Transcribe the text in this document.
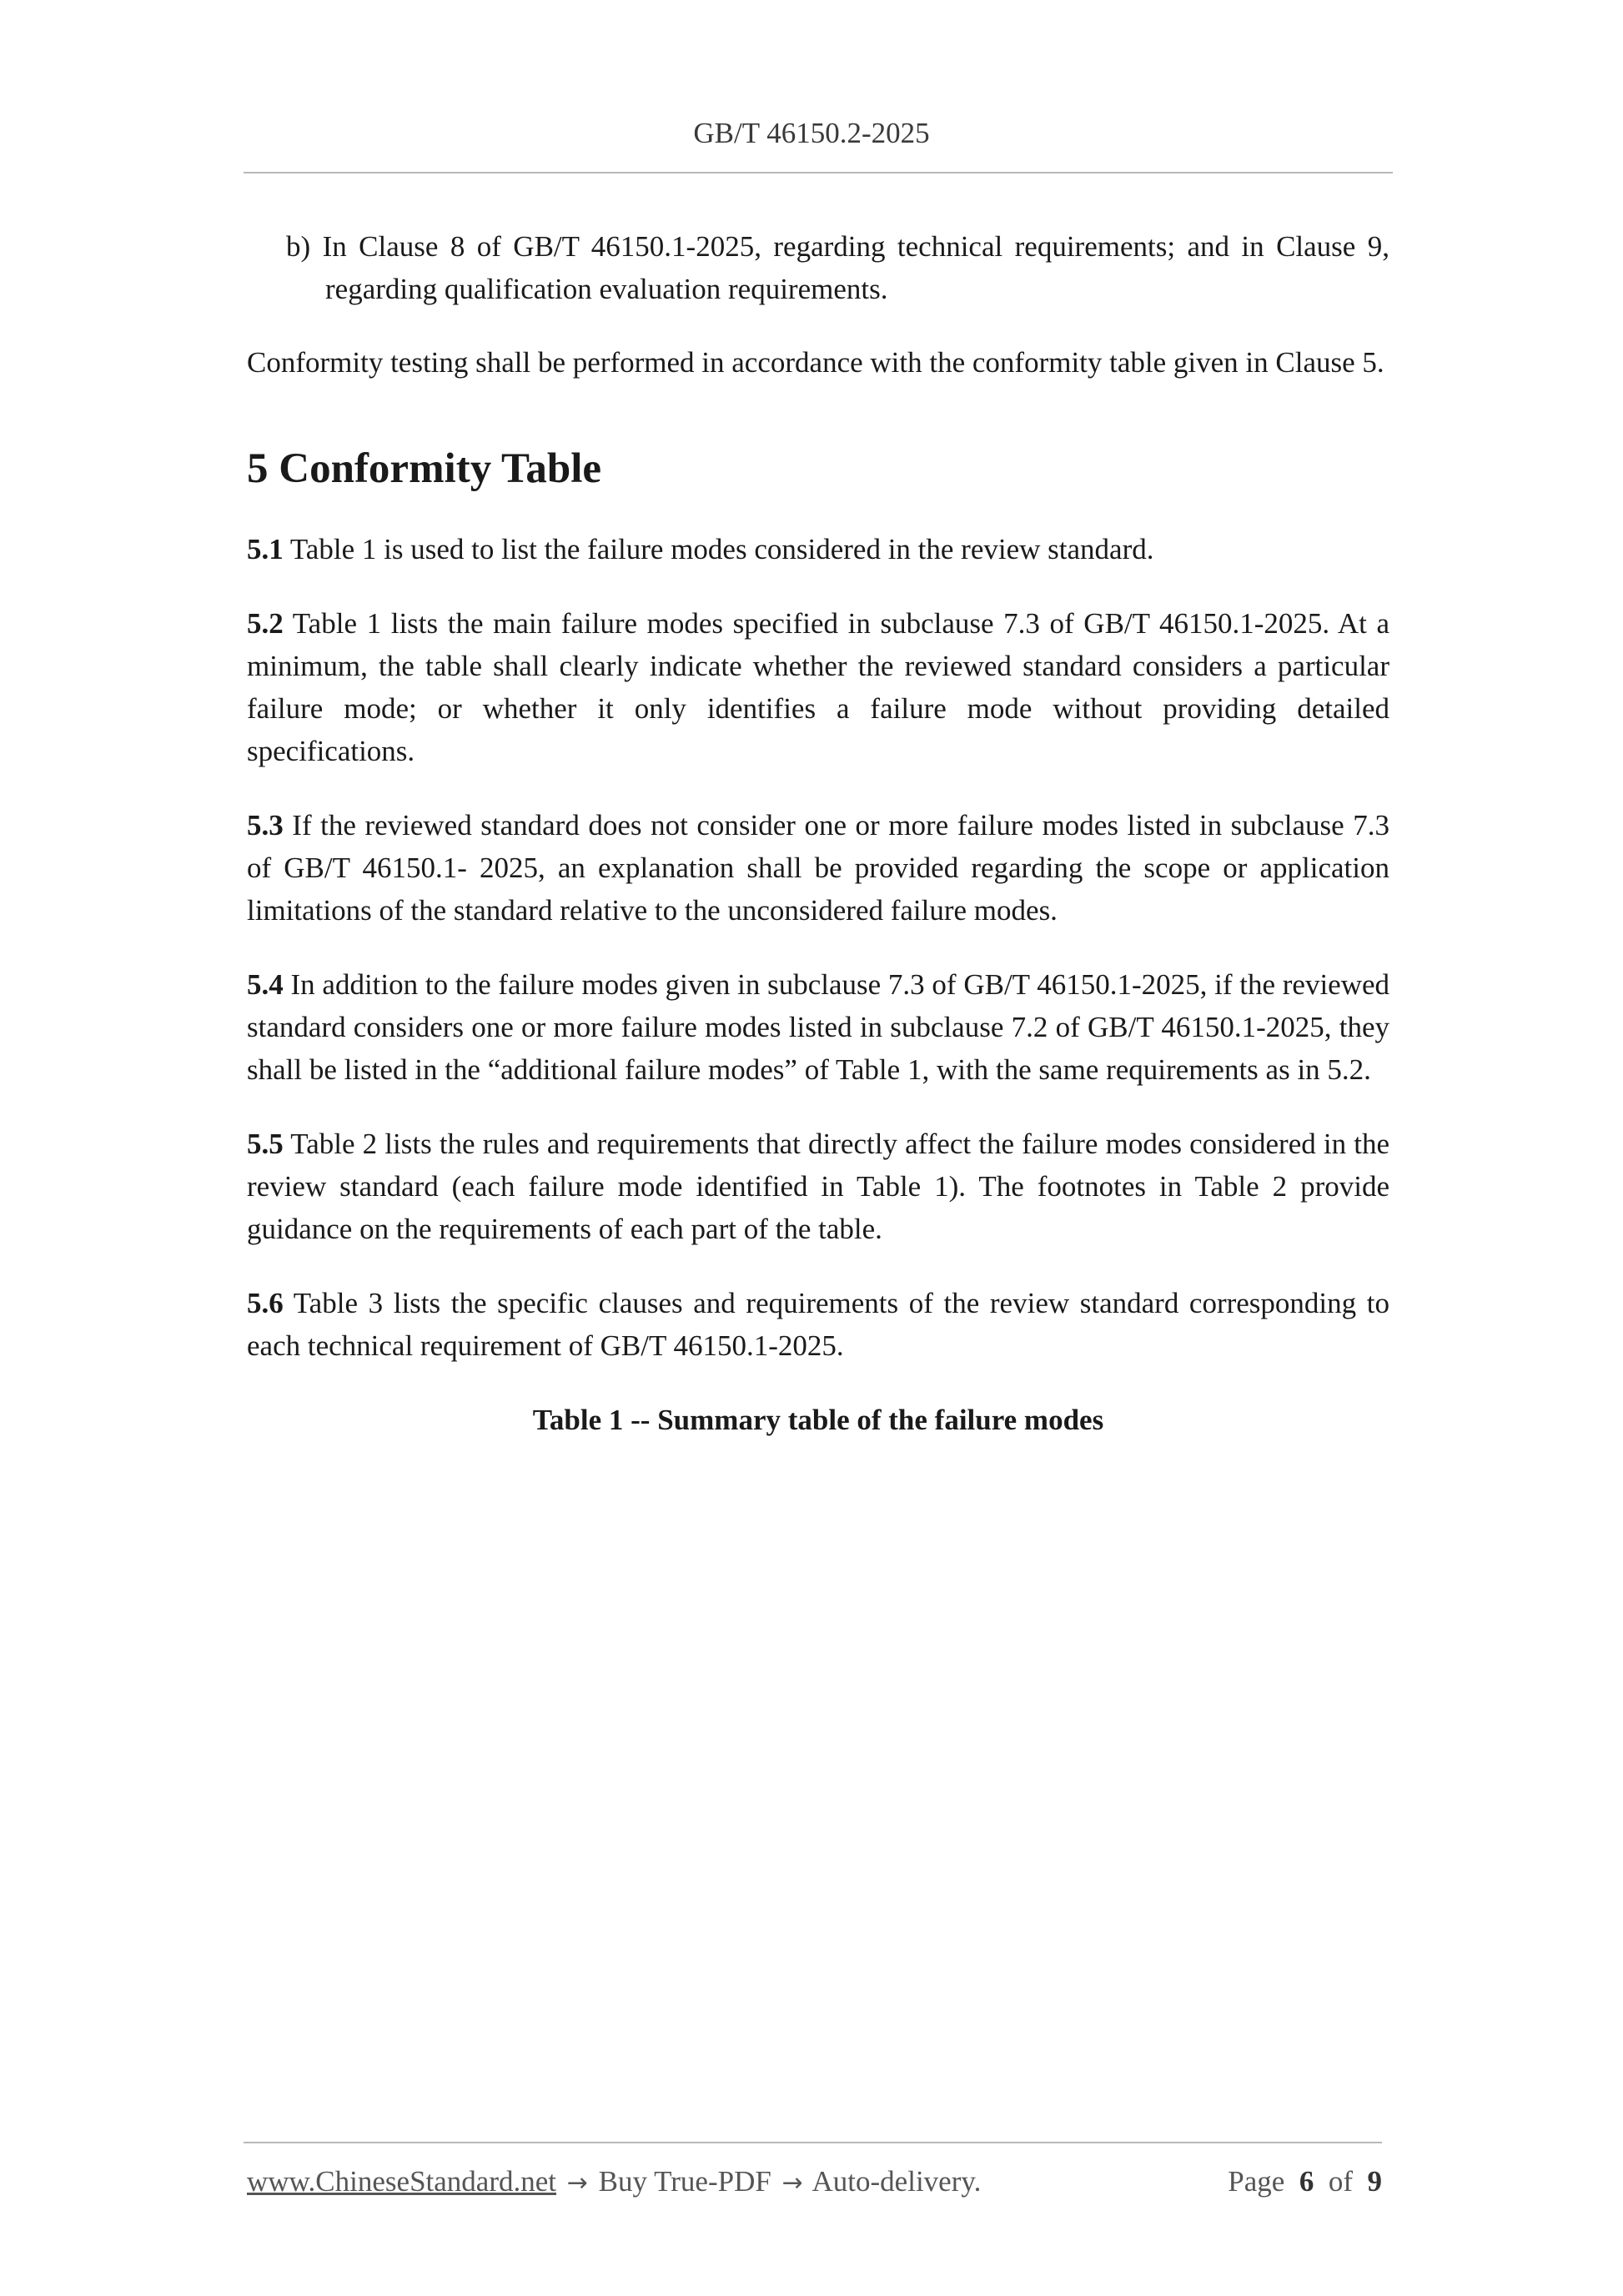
GB/T 46150.2-2025

b) In Clause 8 of GB/T 46150.1-2025, regarding technical requirements; and in Clause 9, regarding qualification evaluation requirements.

Conformity testing shall be performed in accordance with the conformity table given in Clause 5.

5 Conformity Table

5.1 Table 1 is used to list the failure modes considered in the review standard.

5.2 Table 1 lists the main failure modes specified in subclause 7.3 of GB/T 46150.1-2025. At a minimum, the table shall clearly indicate whether the reviewed standard considers a particular failure mode; or whether it only identifies a failure mode without providing detailed specifications.

5.3 If the reviewed standard does not consider one or more failure modes listed in subclause 7.3 of GB/T 46150.1- 2025, an explanation shall be provided regarding the scope or application limitations of the standard relative to the unconsidered failure modes.

5.4 In addition to the failure modes given in subclause 7.3 of GB/T 46150.1-2025, if the reviewed standard considers one or more failure modes listed in subclause 7.2 of GB/T 46150.1-2025, they shall be listed in the “additional failure modes” of Table 1, with the same requirements as in 5.2.

5.5 Table 2 lists the rules and requirements that directly affect the failure modes considered in the review standard (each failure mode identified in Table 1). The footnotes in Table 2 provide guidance on the requirements of each part of the table.

5.6 Table 3 lists the specific clauses and requirements of the review standard corresponding to each technical requirement of GB/T 46150.1-2025.

Table 1 -- Summary table of the failure modes

www.ChineseStandard.net → Buy True-PDF → Auto-delivery.	Page 6 of 9
